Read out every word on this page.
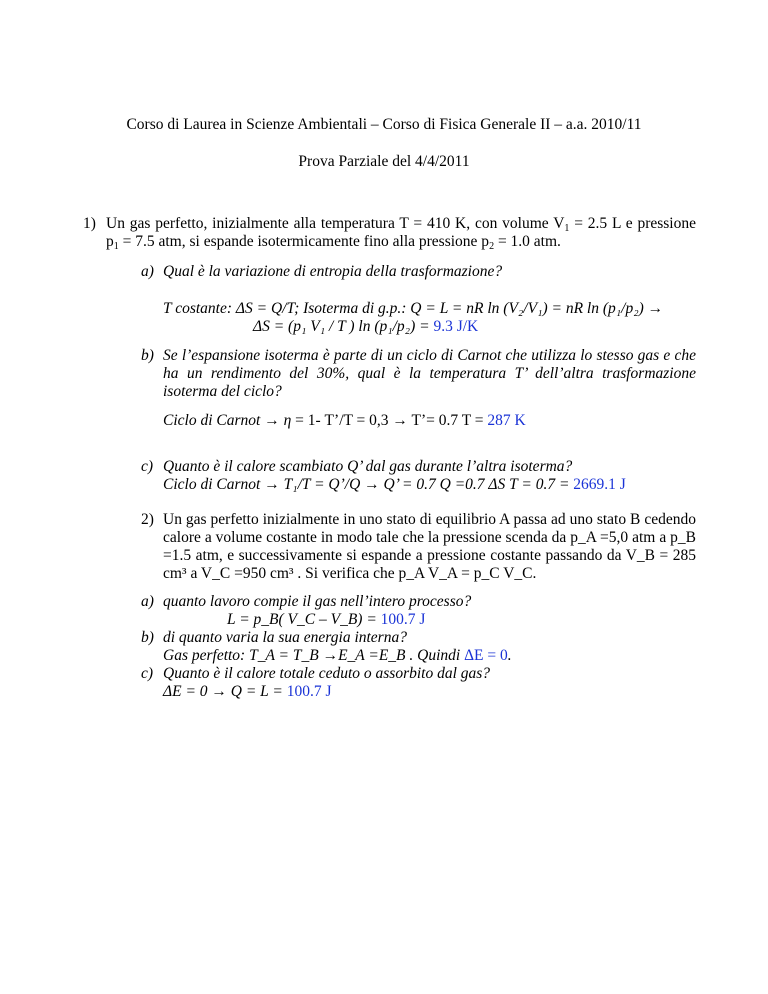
Corso di Laurea in Scienze Ambientali – Corso di Fisica Generale II – a.a. 2010/11
Prova Parziale del 4/4/2011
1) Un gas perfetto, inizialmente alla temperatura T = 410 K, con volume $V_1 = 2.5$ L e pressione $p_1 = 7.5$ atm, si espande isotermicamente fino alla pressione $p_2 = 1.0$ atm.
a) Qual è la variazione di entropia della trasformazione?
T costante: ΔS = Q/T; Isoterma di g.p.: Q = L = nR ln (V₂/V₁) = nR ln (p₁/p₂) →
ΔS = (p₁ V₁ / T ) ln (p₁/p₂) = 9.3 J/K
b) Se l’espansione isoterma è parte di un ciclo di Carnot che utilizza lo stesso gas e che ha un rendimento del 30%, qual è la temperatura T’ dell’altra trasformazione isoterma del ciclo?
Ciclo di Carnot → η = 1- T’/T = 0,3 → T’= 0.7 T = 287 K
c) Quanto è il calore scambiato Q’ dal gas durante l’altra isoterma?
Ciclo di Carnot → T₁/T = Q’/Q → Q’ = 0.7 Q =0.7 ΔS T = 0.7 = 2669.1 J
2) Un gas perfetto inizialmente in uno stato di equilibrio A passa ad uno stato B cedendo calore a volume costante in modo tale che la pressione scenda da p_A =5,0 atm a p_B =1.5 atm, e successivamente si espande a pressione costante passando da V_B = 285 cm³ a V_C =950 cm³ . Si verifica che p_A V_A = p_C V_C.
a) quanto lavoro compie il gas nell’intero processo?
L = p_B( V_C – V_B) = 100.7 J
b) di quanto varia la sua energia interna?
Gas perfetto: T_A = T_B →E_A =E_B . Quindi ΔE = 0.
c) Quanto è il calore totale ceduto o assorbito dal gas?
ΔE = 0 → Q = L = 100.7 J
